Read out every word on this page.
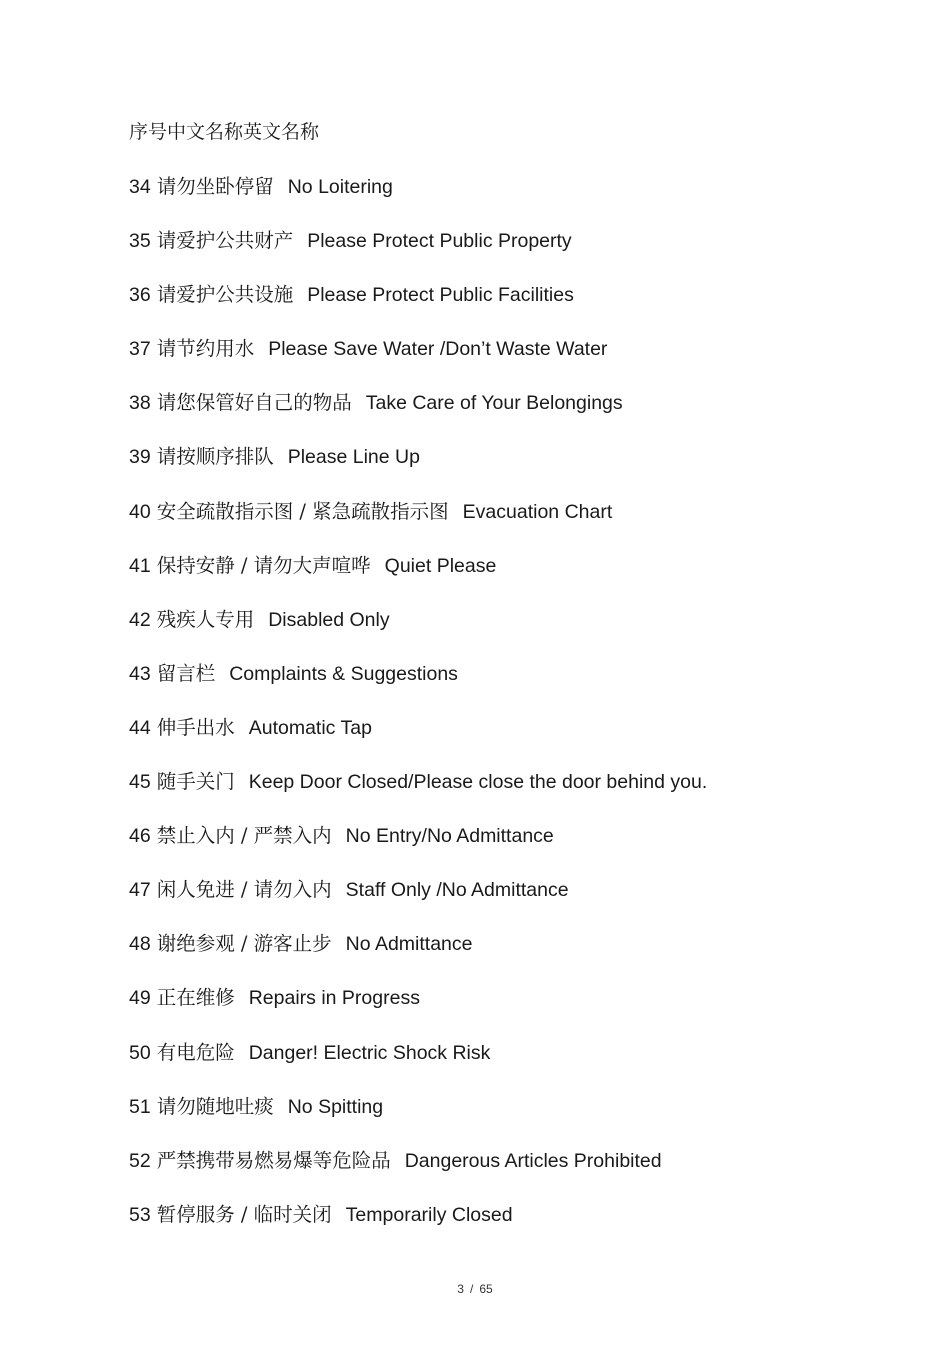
序号中文名称英文名称
34 请勿坐卧停留 No Loitering
35 请爱护公共财产 Please Protect Public Property
36 请爱护公共设施 Please Protect Public Facilities
37 请节约用水 Please Save Water /Don’t Waste Water
38 请您保管好自己的物品 Take Care of Your Belongings
39 请按顺序排队 Please Line Up
40 安全疏散指示图 / 紧急疏散指示图 Evacuation Chart
41 保持安静 / 请勿大声喧哗 Quiet Please
42 残疾人专用 Disabled Only
43 留言栏 Complaints & Suggestions
44 伸手出水 Automatic Tap
45 随手关门 Keep Door Closed/Please close the door behind you.
46 禁止入内 / 严禁入内 No Entry/No Admittance
47 闲人免进 / 请勿入内 Staff Only /No Admittance
48 谢绝参观 / 游客止步 No Admittance
49 正在维修 Repairs in Progress
50 有电危险 Danger! Electric Shock Risk
51 请勿随地吐痰 No Spitting
52 严禁携带易燃易爆等危险品 Dangerous Articles Prohibited
53 暂停服务 / 临时关闭 Temporarily Closed
3 / 65
